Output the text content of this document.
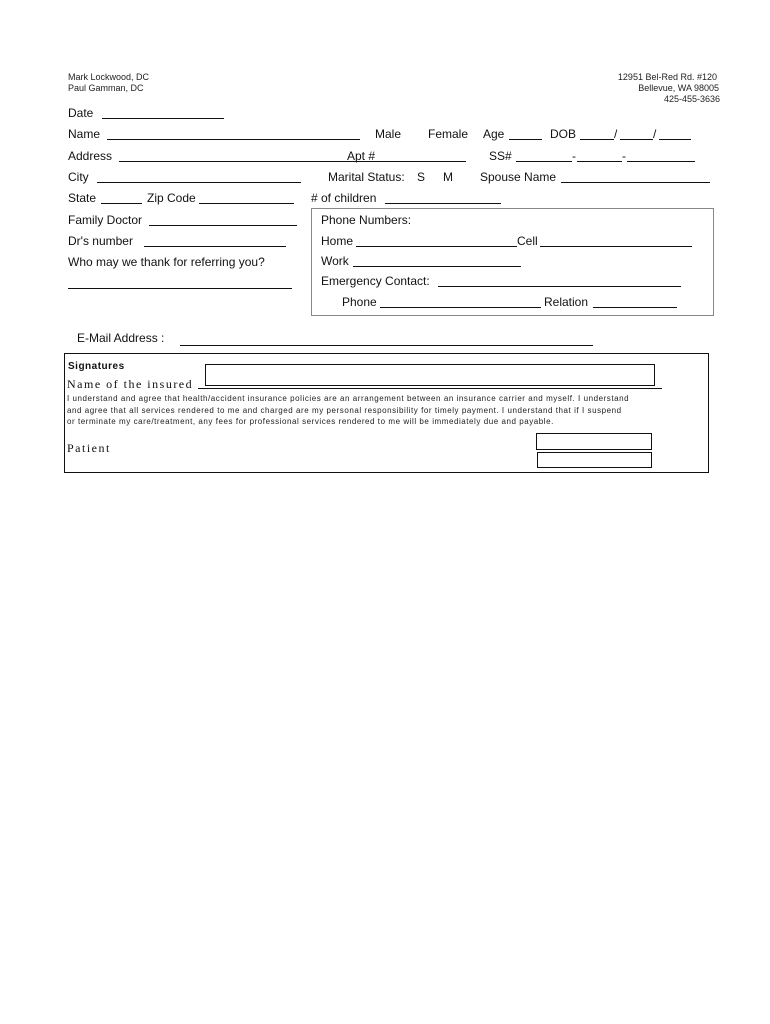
Mark Lockwood, DC
Paul Gamman, DC
12951 Bel-Red Rd. #120
Bellevue, WA 98005
425-455-3636
Date
Name	Male Female Age	DOB	/	/
Address	Apt #	SS#	-	-
City	Marital Status: S M Spouse Name
State	Zip Code	# of children
Family Doctor
Dr's number
Who may we thank for referring you?
Phone Numbers:
Home	Cell
Work
Emergency Contact:
Phone	Relation
E-Mail Address :
Signatures
Name of the insured
I understand and agree that health/accident insurance policies are an arrangement between an insurance carrier and myself. I understand
and agree that all services rendered to me and charged are my personal responsibility for timely payment. I understand that if I suspend
or terminate my care/treatment, any fees for professional services rendered to me will be immediately due and payable.
Patient
